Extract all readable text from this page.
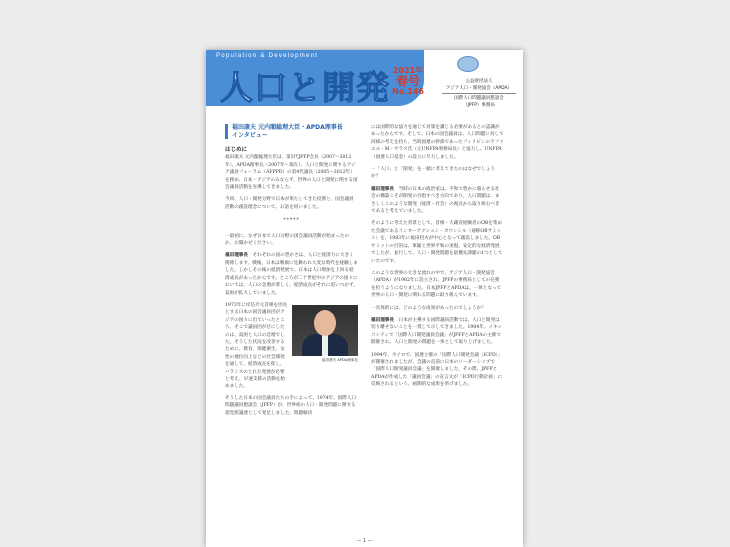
Population & Development
人口と開発 2021年
春号
No.146
公益財団法人
アジア人口・開発協会（APDA）
国際人口問題議員懇談会
（JPFP）事務局
福田康夫 元内閣総理大臣・APDA理事長
インタビュー
はじめに

福田康夫 元内閣総理大臣は、第5代JPFP会長（2007～2012年）、APDA理事長（2007年～現在）、人口と開発に関するアジア議員フォーラム（AFPPD）の第4代議長（2005～2012年）を務め、日本・アジアのみならず、世界の人口と開発に関する国会議員活動を先導してきました。

今回、人口・開発分野で日本が果たしてきた役割と、国会議員活動の創設理念について、お話を伺いました。

*****

一最初に、なぜ日本で人口分野の国会議員活動が始まったのか、お聞かせください。

福田理事長　 それぞれの国の豊かさは、人口と経済力に大きく関係します。戦後、日本は戦禍に見舞われ大変な時代を経験しました。しかしその後の経済発展で、日本は人口増加を上回る経済成長があったからです。ところが二十世紀中のアジアの国々においては、人口の急増が著しく、経済成長がそれに追いつかず、貧困が拡大していました。

1973年に岸信介元首相を団長とする日本の国会議員団がアジアの国々に出ていったところ、そこで議員団が目にしたのは、貧困と人口の急増でした。そうした状況を改善するために、教育、保健衛生、女性の地位向上などの社会開発を通して、経済成長を促し、バランスのとれた発展が必要と考え、早速支援の活動を始めました。
福田康夫 APDA理事長

そうした日本の国会議員たちの手によって、1974年、国際人口問題議員懇談会（JPFP）が、世界初の人口・開発問題に関する超党派議連として発足しました。問題解決

には国際的な協力を通じて対策を講じる必要があるとの認識があったからです。そして、日本の国会議員は、人口問題に対して同様の考えを持ち、当時国連の幹部であったフィリピンのラファエル・M・サラス氏（元UNFPA事務局長）と協力し、UNFPA（国連人口基金）の設立に尽力しました。

一「人口」と「開発」を一緒に考えてきたのはなぜでしょうか？

福田理事長　 当時の日本の政治家は、平和で豊かに暮らせる社会の構築こそが開発の目指すべき方向であり、人口問題は、まさしくこのような開発（経済・社会）の視点から取り組むべきであると考えていました。

そのように考えた背景として、首相・大蔵省経験者のOBを集めた会議であるインターアクション・カウンシル（通称OBサミット）を、1983年に福田赳夫が中心となって創設しました。OBサミットの目的は、軍縮と世界平和の実現、安定的な経済発展でしたが、並行して、人口・開発問題を最優先課題の1つとしていたのです。

このような世界の大きな流れの中で、アジア人口・開発協会（APDA）が1982年に設立され、JPFPの事務局としての任務を担うようになりました。日本JPFPとAPDAは、一体となって世界の人口・開発に関わる問題に取り組んでいます。

一具体的には、どのような成果があったのでしょうか？

福田理事長　 日本が主導する国際議員活動では、人口と開発は切り離せないことを一貫して示してきました。1984年、メキシコシティで「国際人口開発議員会議」がJPFPとAPDAの主催で開催され、人口と開発の問題を一体として取り上げました。

1994年、カイロで、国連主催の「国際人口開発会議（ICPD）」が開催されましたが、会議の直前に日本のリーダーシップで「国際人口開発議員会議」を開催しました。その際、JPFPとAPDAが作成した「議員会議」の宣言文が「ICPD行動計画」に反映されるという、画期的な成果を挙げました。

— 1 —
